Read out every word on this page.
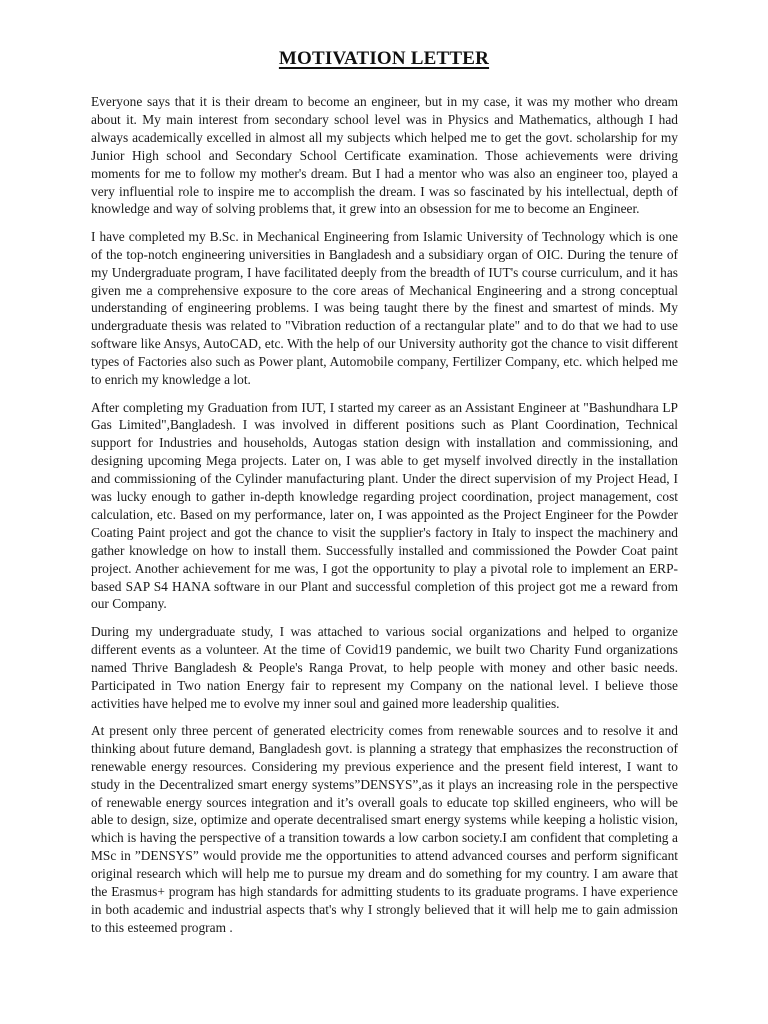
MOTIVATION LETTER

Everyone says that it is their dream to become an engineer, but in my case, it was my mother who dream about it. My main interest from secondary school level was in Physics and Mathematics, although I had always academically excelled in almost all my subjects which helped me to get the govt. scholarship for my Junior High school and Secondary School Certificate examination. Those achievements were driving moments for me to follow my mother's dream. But I had a mentor who was also an engineer too, played a very influential role to inspire me to accomplish the dream. I was so fascinated by his intellectual, depth of knowledge and way of solving problems that, it grew into an obsession for me to become an Engineer.

I have completed my B.Sc. in Mechanical Engineering from Islamic University of Technology which is one of the top-notch engineering universities in Bangladesh and a subsidiary organ of OIC. During the tenure of my Undergraduate program, I have facilitated deeply from the breadth of IUT's course curriculum, and it has given me a comprehensive exposure to the core areas of Mechanical Engineering and a strong conceptual understanding of engineering problems. I was being taught there by the finest and smartest of minds. My undergraduate thesis was related to "Vibration reduction of a rectangular plate" and to do that we had to use software like Ansys, AutoCAD, etc. With the help of our University authority got the chance to visit different types of Factories also such as Power plant, Automobile company, Fertilizer Company, etc. which helped me to enrich my knowledge a lot.

After completing my Graduation from IUT, I started my career as an Assistant Engineer at "Bashundhara LP Gas Limited",Bangladesh. I was involved in different positions such as Plant Coordination, Technical support for Industries and households, Autogas station design with installation and commissioning, and designing upcoming Mega projects. Later on, I was able to get myself involved directly in the installation and commissioning of the Cylinder manufacturing plant. Under the direct supervision of my Project Head, I was lucky enough to gather in-depth knowledge regarding project coordination, project management, cost calculation, etc. Based on my performance, later on, I was appointed as the Project Engineer for the Powder Coating Paint project and got the chance to visit the supplier's factory in Italy to inspect the machinery and gather knowledge on how to install them. Successfully installed and commissioned the Powder Coat paint project. Another achievement for me was, I got the opportunity to play a pivotal role to implement an ERP-based SAP S4 HANA software in our Plant and successful completion of this project got me a reward from our Company.

During my undergraduate study, I was attached to various social organizations and helped to organize different events as a volunteer. At the time of Covid19 pandemic, we built two Charity Fund organizations named Thrive Bangladesh & People's Ranga Provat, to help people with money and other basic needs. Participated in Two nation Energy fair to represent my Company on the national level. I believe those activities have helped me to evolve my inner soul and gained more leadership qualities.

At present only three percent of generated electricity comes from renewable sources and to resolve it and thinking about future demand, Bangladesh govt. is planning a strategy that emphasizes the reconstruction of renewable energy resources. Considering my previous experience and the present field interest, I want to study in the Decentralized smart energy systems”DENSYS”,as it plays an increasing role in the perspective of renewable energy sources integration and it’s overall goals to educate top skilled engineers, who will be able to design, size, optimize and operate decentralised smart energy systems while keeping a holistic vision, which is having the perspective of a transition towards a low carbon society.I am confident that completing a MSc in ”DENSYS” would provide me the opportunities to attend advanced courses and perform significant original research which will help me to pursue my dream and do something for my country. I am aware that the Erasmus+ program has high standards for admitting students to its graduate programs. I have experience in both academic and industrial aspects that's why I strongly believed that it will help me to gain admission to this esteemed program .
